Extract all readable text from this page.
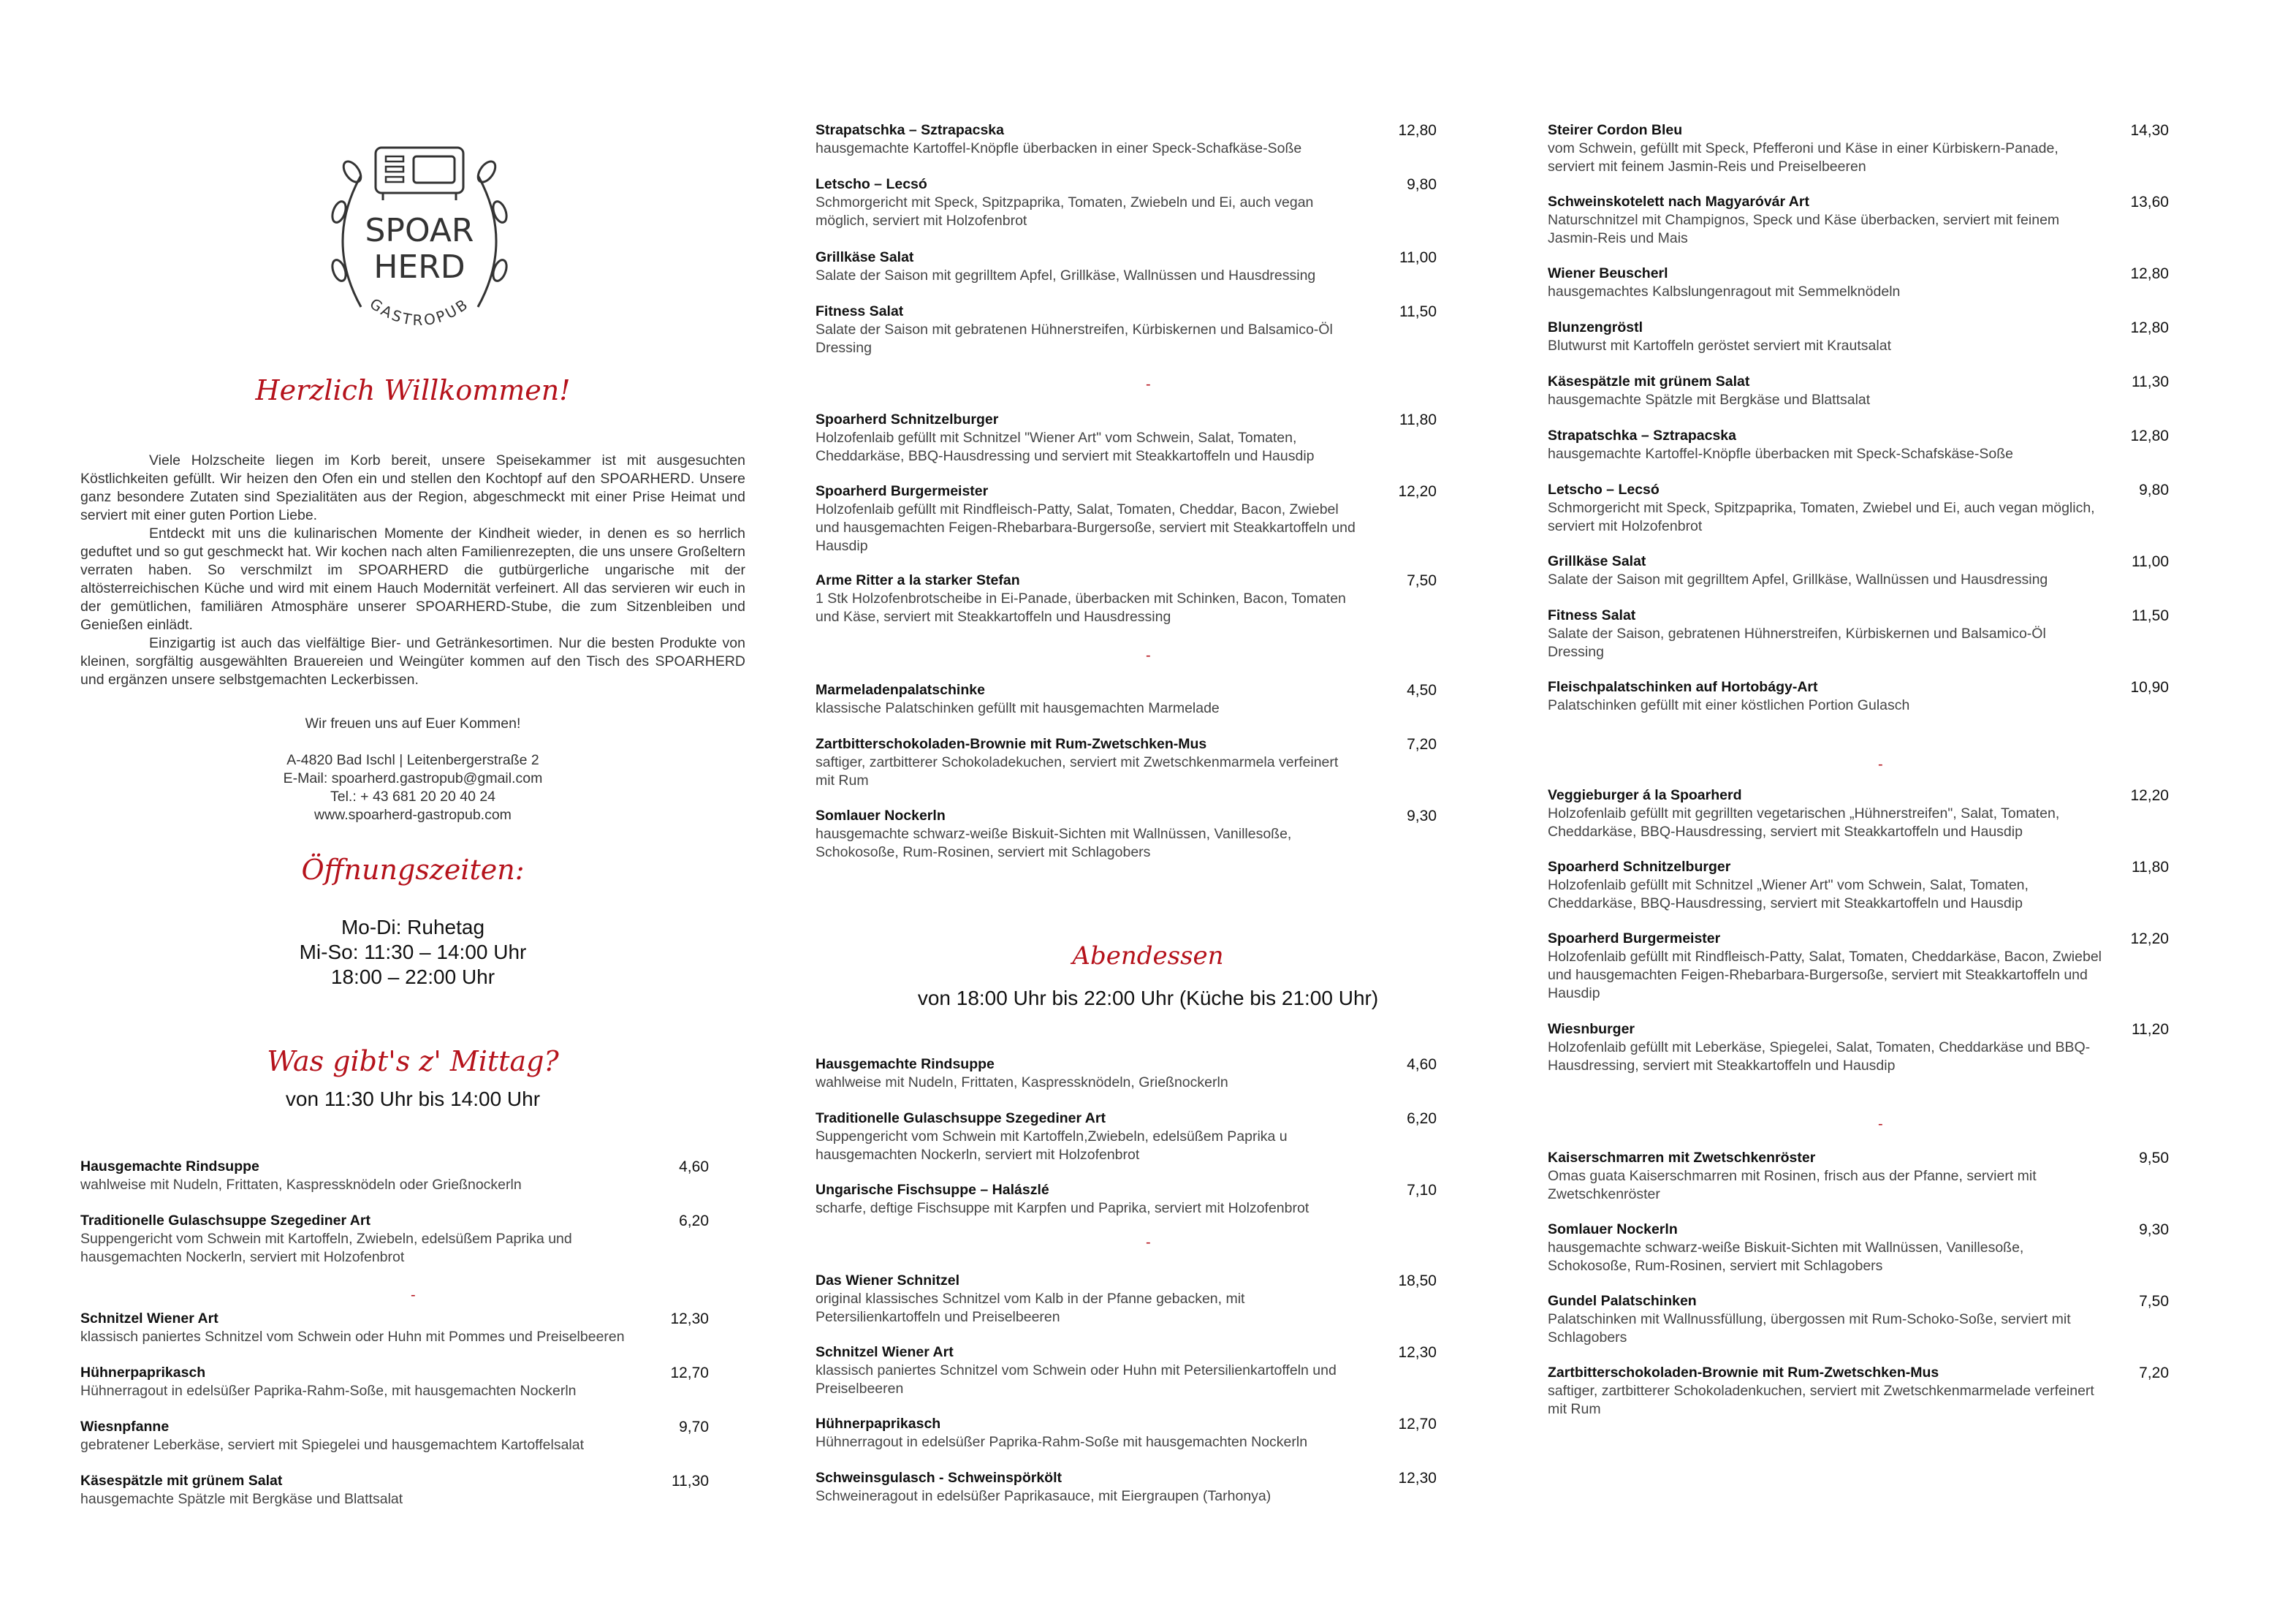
SPOAR
HERD
GASTROPUB
Herzlich Willkommen!

Viele Holzscheite liegen im Korb bereit, unsere Speisekammer ist mit ausgesuchten Köstlichkeiten gefüllt. Wir heizen den Ofen ein und stellen den Kochtopf auf den SPOARHERD. Unsere ganz besondere Zutaten sind Spezialitäten aus der Region, abgeschmeckt mit einer Prise Heimat und serviert mit einer guten Portion Liebe.

Entdeckt mit uns die kulinarischen Momente der Kindheit wieder, in denen es so herrlich geduftet und so gut geschmeckt hat. Wir kochen nach alten Familienrezepten, die uns unsere Großeltern verraten haben. So verschmilzt im SPOARHERD die gutbürgerliche ungarische mit der altösterreichischen Küche und wird mit einem Hauch Modernität verfeinert. All das servieren wir euch in der gemütlichen, familiären Atmosphäre unserer SPOARHERD-Stube, die zum Sitzenbleiben und Genießen einlädt.

Einzigartig ist auch das vielfältige Bier- und Getränkesortimen. Nur die besten Produkte von kleinen, sorgfältig ausgewählten Brauereien und Weingüter kommen auf den Tisch des SPOARHERD und ergänzen unsere selbstgemachten Leckerbissen.

Wir freuen uns auf Euer Kommen!
A-4820 Bad Ischl | Leitenbergerstraße 2
E-Mail: spoarherd.gastropub@gmail.com
Tel.: + 43 681 20 20 40 24
www.spoarherd-gastropub.com
Öffnungszeiten:
Mo-Di: Ruhetag
Mi-So: 11:30 – 14:00 Uhr
18:00 – 22:00 Uhr
Was gibt's z' Mittag?
von 11:30 Uhr bis 14:00 Uhr
Hausgemachte Rindsuppe
wahlweise mit Nudeln, Frittaten, Kaspressknödeln oder Grießnockerln
4,60
Traditionelle Gulaschsuppe Szegediner Art
Suppengericht vom Schwein mit Kartoffeln, Zwiebeln, edelsüßem Paprika und hausgemachten Nockerln, serviert mit Holzofenbrot
6,20
Schnitzel Wiener Art
klassisch paniertes Schnitzel vom Schwein oder Huhn mit Pommes und Preiselbeeren
12,30
Hühnerpaprikasch
Hühnerragout in edelsüßer Paprika-Rahm-Soße, mit hausgemachten Nockerln
12,70
Wiesnpfanne
gebratener Leberkäse, serviert mit Spiegelei und hausgemachtem Kartoffelsalat
9,70
Käsespätzle mit grünem Salat
hausgemachte Spätzle mit Bergkäse und Blattsalat
11,30
-
Strapatschka – Sztrapacska
hausgemachte Kartoffel-Knöpfle überbacken in einer Speck-Schafkäse-Soße
12,80
Letscho – Lecsó
Schmorgericht mit Speck, Spitzpaprika, Tomaten, Zwiebeln und Ei, auch vegan möglich, serviert mit Holzofenbrot
9,80
Grillkäse Salat
Salate der Saison mit gegrilltem Apfel, Grillkäse, Wallnüssen und Hausdressing
11,00
Fitness Salat
Salate der Saison mit gebratenen Hühnerstreifen, Kürbiskernen und Balsamico-Öl Dressing
11,50
Spoarherd Schnitzelburger
Holzofenlaib gefüllt mit Schnitzel "Wiener Art" vom Schwein, Salat, Tomaten, Cheddarkäse, BBQ-Hausdressing und serviert mit Steakkartoffeln und Hausdip
11,80
Spoarherd Burgermeister
Holzofenlaib gefüllt mit Rindfleisch-Patty, Salat, Tomaten, Cheddar, Bacon, Zwiebel und hausgemachten Feigen-Rhebarbara-Burgersoße, serviert mit Steakkartoffeln und Hausdip
12,20
Arme Ritter a la starker Stefan
1 Stk Holzofenbrotscheibe in Ei-Panade, überbacken mit Schinken, Bacon, Tomaten und Käse, serviert mit Steakkartoffeln und Hausdressing
7,50
Marmeladenpalatschinke
klassische Palatschinken gefüllt mit hausgemachten Marmelade
4,50
Zartbitterschokoladen-Brownie mit Rum-Zwetschken-Mus
saftiger, zartbitterer Schokoladekuchen, serviert mit Zwetschkenmarmela verfeinert mit Rum
7,20
Somlauer Nockerln
hausgemachte schwarz-weiße Biskuit-Sichten mit Wallnüssen, Vanillesoße, Schokosoße, Rum-Rosinen, serviert mit Schlagobers
9,30
-
-
Abendessen
von 18:00 Uhr bis 22:00 Uhr (Küche bis 21:00 Uhr)
Hausgemachte Rindsuppe
wahlweise mit Nudeln, Frittaten, Kaspressknödeln, Grießnockerln
4,60
Traditionelle Gulaschsuppe Szegediner Art
Suppengericht vom Schwein mit Kartoffeln,Zwiebeln, edelsüßem Paprika u hausgemachten Nockerln, serviert mit Holzofenbrot
6,20
Ungarische Fischsuppe – Halászlé
scharfe, deftige Fischsuppe mit Karpfen und Paprika, serviert mit Holzofenbrot
7,10
Das Wiener Schnitzel
original klassisches Schnitzel vom Kalb in der Pfanne gebacken, mit Petersilienkartoffeln und Preiselbeeren
18,50
Schnitzel Wiener Art
klassisch paniertes Schnitzel vom Schwein oder Huhn mit Petersilienkartoffeln und Preiselbeeren
12,30
Hühnerpaprikasch
Hühnerragout in edelsüßer Paprika-Rahm-Soße mit hausgemachten Nockerln
12,70
Schweinsgulasch - Schweinspörkölt
Schweineragout in edelsüßer Paprikasauce, mit Eiergraupen (Tarhonya)
12,30
-
Steirer Cordon Bleu
vom Schwein, gefüllt mit Speck, Pfefferoni und Käse in einer Kürbiskern-Panade, serviert mit feinem Jasmin-Reis und Preiselbeeren
14,30
Schweinskotelett nach Magyaróvár Art
Naturschnitzel mit Champignos, Speck und Käse überbacken, serviert mit feinem Jasmin-Reis und Mais
13,60
Wiener Beuscherl
hausgemachtes Kalbslungenragout mit Semmelknödeln
12,80
Blunzengröstl
Blutwurst mit Kartoffeln geröstet serviert mit Krautsalat
12,80
Käsespätzle mit grünem Salat
hausgemachte Spätzle mit Bergkäse und Blattsalat
11,30
Strapatschka – Sztrapacska
hausgemachte Kartoffel-Knöpfle überbacken mit Speck-Schafskäse-Soße
12,80
Letscho – Lecsó
Schmorgericht mit Speck, Spitzpaprika, Tomaten, Zwiebel und Ei, auch vegan möglich, serviert mit Holzofenbrot
9,80
Grillkäse Salat
Salate der Saison mit gegrilltem Apfel, Grillkäse, Wallnüssen und Hausdressing
11,00
Fitness Salat
Salate der Saison, gebratenen Hühnerstreifen, Kürbiskernen und Balsamico-Öl Dressing
11,50
Fleischpalatschinken auf Hortobágy-Art
Palatschinken gefüllt mit einer köstlichen Portion Gulasch
10,90
Veggieburger á la Spoarherd
Holzofenlaib gefüllt mit gegrillten vegetarischen „Hühnerstreifen", Salat, Tomaten, Cheddarkäse, BBQ-Hausdressing, serviert mit Steakkartoffeln und Hausdip
12,20
Spoarherd Schnitzelburger
Holzofenlaib gefüllt mit Schnitzel „Wiener Art" vom Schwein, Salat, Tomaten, Cheddarkäse, BBQ-Hausdressing, serviert mit Steakkartoffeln und Hausdip
11,80
Spoarherd Burgermeister
Holzofenlaib gefüllt mit Rindfleisch-Patty, Salat, Tomaten, Cheddarkäse, Bacon, Zwiebel und hausgemachten Feigen-Rhebarbara-Burgersoße, serviert mit Steakkartoffeln und Hausdip
12,20
Wiesnburger
Holzofenlaib gefüllt mit Leberkäse, Spiegelei, Salat, Tomaten, Cheddarkäse und BBQ-Hausdressing, serviert mit Steakkartoffeln und Hausdip
11,20
Kaiserschmarren mit Zwetschkenröster
Omas guata Kaiserschmarren mit Rosinen, frisch aus der Pfanne, serviert mit Zwetschkenröster
9,50
Somlauer Nockerln
hausgemachte schwarz-weiße Biskuit-Sichten mit Wallnüssen, Vanillesoße, Schokosoße, Rum-Rosinen, serviert mit Schlagobers
9,30
Gundel Palatschinken
Palatschinken mit Wallnussfüllung, übergossen mit Rum-Schoko-Soße, serviert mit Schlagobers
7,50
Zartbitterschokoladen-Brownie mit Rum-Zwetschken-Mus
saftiger, zartbitterer Schokoladenkuchen, serviert mit Zwetschkenmarmelade verfeinert mit Rum
7,20
-
-
